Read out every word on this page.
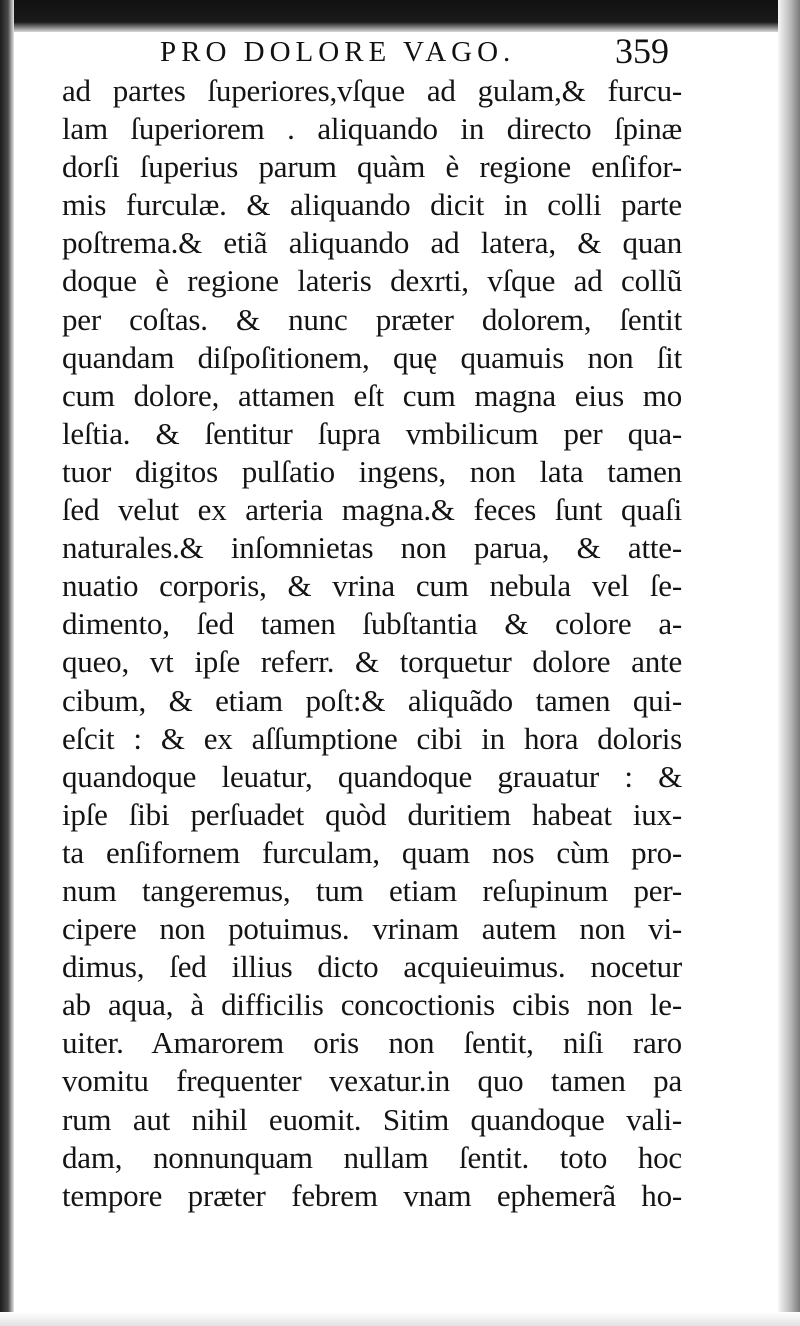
PRO DOLORE VAGO.	359
ad partes ſuperiores,vſque ad gulam,& furcu-
lam ſuperiorem . aliquando in directo ſpinæ
dorſi ſuperius parum quàm è regione enſifor-
mis furculæ. & aliquando dicit in colli parte
poſtrema.& etiã aliquando ad latera, & quan
doque è regione lateris dexrti, vſque ad collũ
per coſtas. & nunc præter dolorem, ſentit
quandam diſpoſitionem, quę quamuis non ſit
cum dolore, attamen eſt cum magna eius mo
leſtia. & ſentitur ſupra vmbilicum per qua-
tuor digitos pulſatio ingens, non lata tamen
ſed velut ex arteria magna.& feces ſunt quaſi
naturales.& inſomnietas non parua, & atte-
nuatio corporis, & vrina cum nebula vel ſe-
dimento, ſed tamen ſubſtantia & colore a-
queo, vt ipſe referr. & torquetur dolore ante
cibum, & etiam poſt:& aliquãdo tamen qui-
eſcit : & ex aſſumptione cibi in hora doloris
quandoque leuatur, quandoque grauatur : &
ipſe ſibi perſuadet quòd duritiem habeat iux-
ta enſifornem furculam, quam nos cùm pro-
num tangeremus, tum etiam reſupinum per-
cipere non potuimus. vrinam autem non vi-
dimus, ſed illius dicto acquieuimus. nocetur
ab aqua, à difficilis concoctionis cibis non le-
uiter. Amarorem oris non ſentit, niſi raro
vomitu frequenter vexatur.in quo tamen pa
rum aut nihil euomit. Sitim quandoque vali-
dam, nonnunquam nullam ſentit. toto hoc
tempore præter febrem vnam ephemerã ho-
